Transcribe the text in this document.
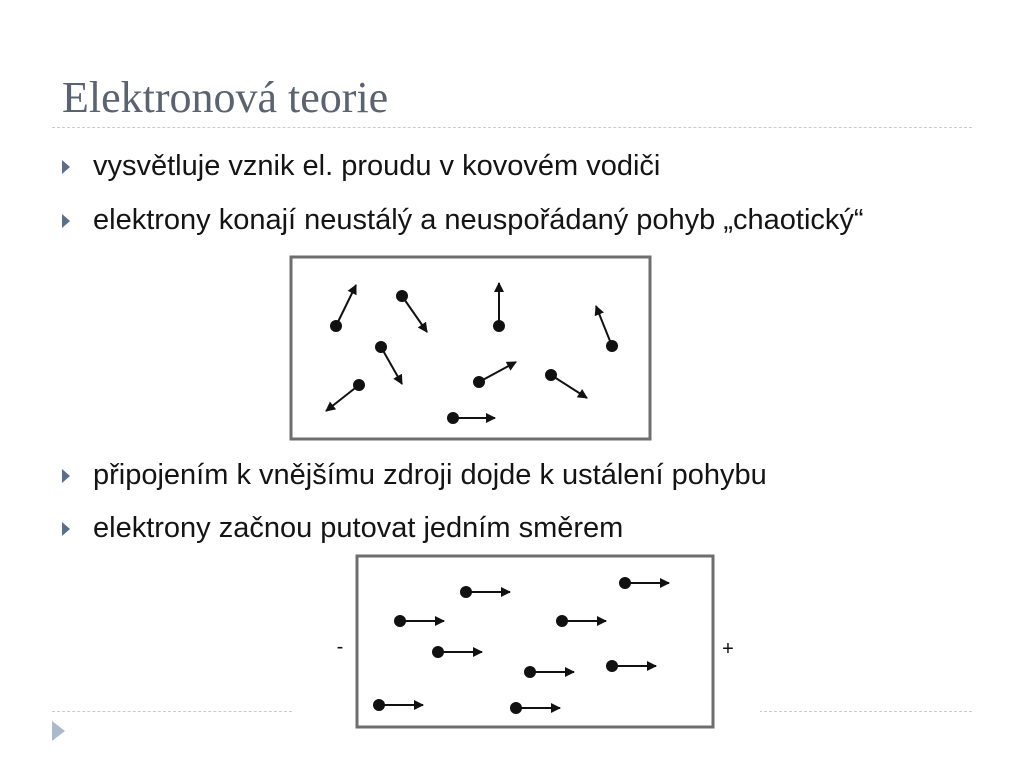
Elektronová teorie
vysvětluje vznik el. proudu v kovovém vodiči
elektrony konají neustálý a neuspořádaný pohyb „chaotický“
připojením k vnějšímu zdroji dojde k ustálení pohybu
elektrony začnou putovat jedním směrem
-	+
